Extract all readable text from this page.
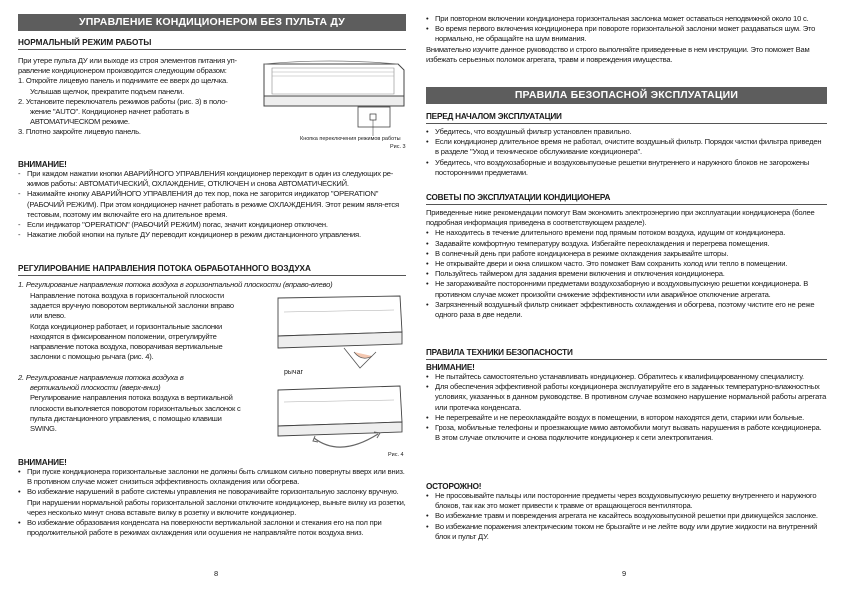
УПРАВЛЕНИЕ КОНДИЦИОНЕРОМ БЕЗ ПУЛЬТА ДУ

НОРМАЛЬНЫЙ РЕЖИМ РАБОТЫ

При утере пульта ДУ или выходе из строя элементов питания уп-равление кондиционером производится следующим образом:

1. Откройте лицевую панель и поднимите ее вверх до щелчка.

Услышав щелчок, прекратите подъем панели.

2. Установите переключатель режимов работы (рис. 3) в поло-

жение "AUTO". Кондиционер начнет работать в

АВТОМАТИЧЕСКОМ режиме.

3. Плотно закройте лицевую панель.

Кнопка переключения режимов работы
Рис. 3

ВНИМАНИЕ!

- При каждом нажатии кнопки АВАРИЙНОГО УПРАВЛЕНИЯ кондиционер переходит в один из следующих ре-жимов работы: АВТОМАТИЧЕСКИЙ, ОХЛАЖДЕНИЕ, ОТКЛЮЧЕН и снова АВТОМАТИЧЕСКИЙ.
- Нажимайте кнопку АВАРИЙНОГО УПРАВЛЕНИЯ до тех пор, пока не загорится индикатор "OPERATION" (РАБОЧИЙ РЕЖИМ). При этом кондиционер начнет работать в режиме ОХЛАЖДЕНИЯ. Этот режим явля-ется тестовым, поэтому им включайте его на длительное время.
- Если индикатор "OPERATION" (РАБОЧИЙ РЕЖИМ) погас, значит кондиционер отключен.
- Нажатие любой кнопки на пульте ДУ переводит кондиционер в режим дистанционного управления.

РЕГУЛИРОВАНИЕ НАПРАВЛЕНИЯ ПОТОКА ОБРАБОТАННОГО ВОЗДУХА

1. Регулирование направления потока воздуха в горизонтальной плоскости (вправо-влево)

Направление потока воздуха в горизонтальной плоскости

задается вручную поворотом вертикальной заслонки вправо

или влево.

Когда кондиционер работает, и горизонтальные заслонки

находятся в фиксированном положении, отрегулируйте

направление потока воздуха, поворачивая вертикальные

заслонки с помощью рычага (рис. 4).

2. Регулирование направления потока воздуха в

вертикальной плоскости (вверх-вниз)

Регулирование направления потока воздуха в вертикальной

плоскости выполняется поворотом горизонтальных заслонок с

пульта дистанционного управления, с помощью клавиши

SWING.

рычаг
Рис. 4

ВНИМАНИЕ!

• При пуске кондиционера горизонтальные заслонки не должны быть слишком сильно повернуты вверх или вниз. В противном случае может снизиться эффективность охлаждения или обогрева.
• Во избежание нарушений в работе системы управления не поворачивайте горизонтальную заслонку вручную. При нарушении нормальной работы горизонтальной заслонки отключите кондиционер, выньте вилку из розетки, через несколько минут снова вставьте вилку в розетку и включите кондиционер.
• Во избежание образования конденсата на поверхности вертикальной заслонки и стекания его на пол при продолжительной работе в режимах охлаждения или осушения не направляйте поток воздуха вниз.
8
• При повторном включении кондиционера горизонтальная заслонка может оставаться неподвижной около 10 с.
• Во время первого включения кондиционера при повороте горизонтальной заслонки может раздаваться шум. Это нормально, не обращайте на шум внимания.

Внимательно изучите данное руководство и строго выполняйте приведенные в нем инструкции. Это поможет Вам избежать серьезных поломок агрегата, травм и повреждения имущества.

ПРАВИЛА БЕЗОПАСНОЙ ЭКСПЛУАТАЦИИ

ПЕРЕД НАЧАЛОМ ЭКСПЛУАТАЦИИ

• Убедитесь, что воздушный фильтр установлен правильно.
• Если кондиционер длительное время не работал, очистите воздушный фильтр. Порядок чистки фильтра приведен в разделе "Уход и техническое обслуживание кондиционера".
• Убедитесь, что воздухозаборные и воздуховыпускные решетки внутреннего и наружного блоков не загорожены посторонними предметами.

СОВЕТЫ ПО ЭКСПЛУАТАЦИИ КОНДИЦИОНЕРА

Приведенные ниже рекомендации помогут Вам экономить электроэнергию при эксплуатации кондиционера (более подробная информация приведена в соответствующем разделе).

• Не находитесь в течение длительного времени под прямым потоком воздуха, идущим от кондиционера.
• Задавайте комфортную температуру воздуха. Избегайте переохлаждения и перегрева помещения.
• В солнечный день при работе кондиционера в режиме охлаждения закрывайте шторы.
• Не открывайте двери и окна слишком часто. Это поможет Вам сохранить холод или тепло в помещении.
• Пользуйтесь таймером для задания времени включения и отключения кондиционера.
• Не загораживайте посторонними предметами воздухозаборную и воздуховыпускную решетки кондиционера. В противном случае может произойти снижение эффективности или аварийное отключение агрегата.
• Загрязненный воздушный фильтр снижает эффективность охлаждения и обогрева, поэтому чистите его не реже одного раза в две недели.

ПРАВИЛА ТЕХНИКИ БЕЗОПАСНОСТИ

ВНИМАНИЕ!

• Не пытайтесь самостоятельно устанавливать кондиционер. Обратитесь к квалифицированному специалисту.
• Для обеспечения эффективной работы кондиционера эксплуатируйте его в заданных температурно-влажностных условиях, указанных в данном руководстве. В противном случае возможно нарушение нормальной работы агрегата или протечка конденсата.
• Не перегревайте и не переохлаждайте воздух в помещении, в котором находятся дети, старики или больные.
• Гроза, мобильные телефоны и проезжающие мимо автомобили могут вызвать нарушения в работе кондиционера. В этом случае отключите и снова подключите кондиционер к сети электропитания.

ОСТОРОЖНО!

• Не просовывайте пальцы или посторонние предметы через воздуховыпускную решетку внутреннего и наружного блоков, так как это может привести к травме от вращающегося вентилятора.
• Во избежание травм и повреждения агрегата не касайтесь воздуховыпускной решетки при движущейся заслонке.
• Во избежание поражения электрическим током не брызгайте и не лейте воду или другие жидкости на внутренний блок и пульт ДУ.
9
